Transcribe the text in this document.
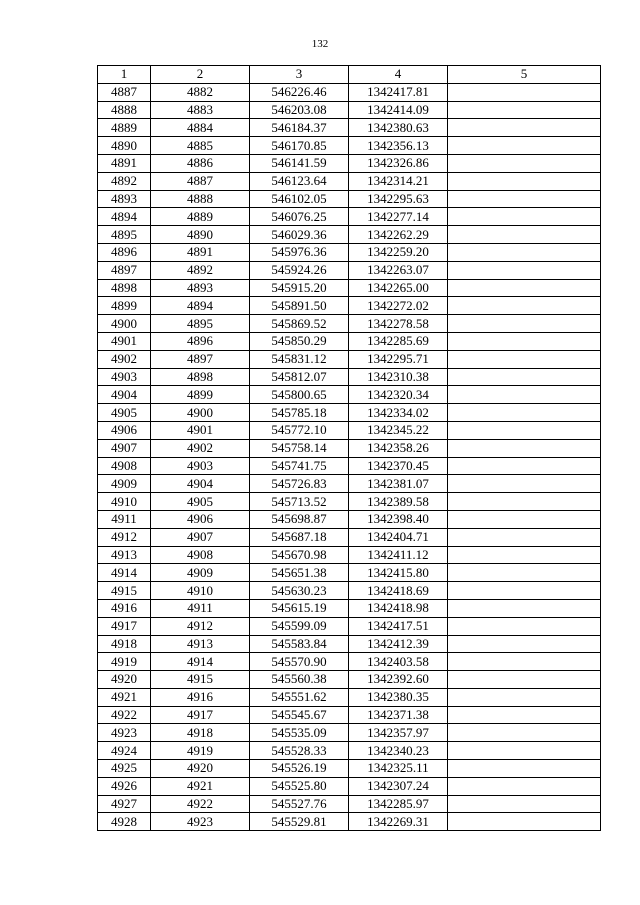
132
1	2	3	4	5
4887	4882	546226.46	1342417.81	
4888	4883	546203.08	1342414.09	
4889	4884	546184.37	1342380.63	
4890	4885	546170.85	1342356.13	
4891	4886	546141.59	1342326.86	
4892	4887	546123.64	1342314.21	
4893	4888	546102.05	1342295.63	
4894	4889	546076.25	1342277.14	
4895	4890	546029.36	1342262.29	
4896	4891	545976.36	1342259.20	
4897	4892	545924.26	1342263.07	
4898	4893	545915.20	1342265.00	
4899	4894	545891.50	1342272.02	
4900	4895	545869.52	1342278.58	
4901	4896	545850.29	1342285.69	
4902	4897	545831.12	1342295.71	
4903	4898	545812.07	1342310.38	
4904	4899	545800.65	1342320.34	
4905	4900	545785.18	1342334.02	
4906	4901	545772.10	1342345.22	
4907	4902	545758.14	1342358.26	
4908	4903	545741.75	1342370.45	
4909	4904	545726.83	1342381.07	
4910	4905	545713.52	1342389.58	
4911	4906	545698.87	1342398.40	
4912	4907	545687.18	1342404.71	
4913	4908	545670.98	1342411.12	
4914	4909	545651.38	1342415.80	
4915	4910	545630.23	1342418.69	
4916	4911	545615.19	1342418.98	
4917	4912	545599.09	1342417.51	
4918	4913	545583.84	1342412.39	
4919	4914	545570.90	1342403.58	
4920	4915	545560.38	1342392.60	
4921	4916	545551.62	1342380.35	
4922	4917	545545.67	1342371.38	
4923	4918	545535.09	1342357.97	
4924	4919	545528.33	1342340.23	
4925	4920	545526.19	1342325.11	
4926	4921	545525.80	1342307.24	
4927	4922	545527.76	1342285.97	
4928	4923	545529.81	1342269.31	
